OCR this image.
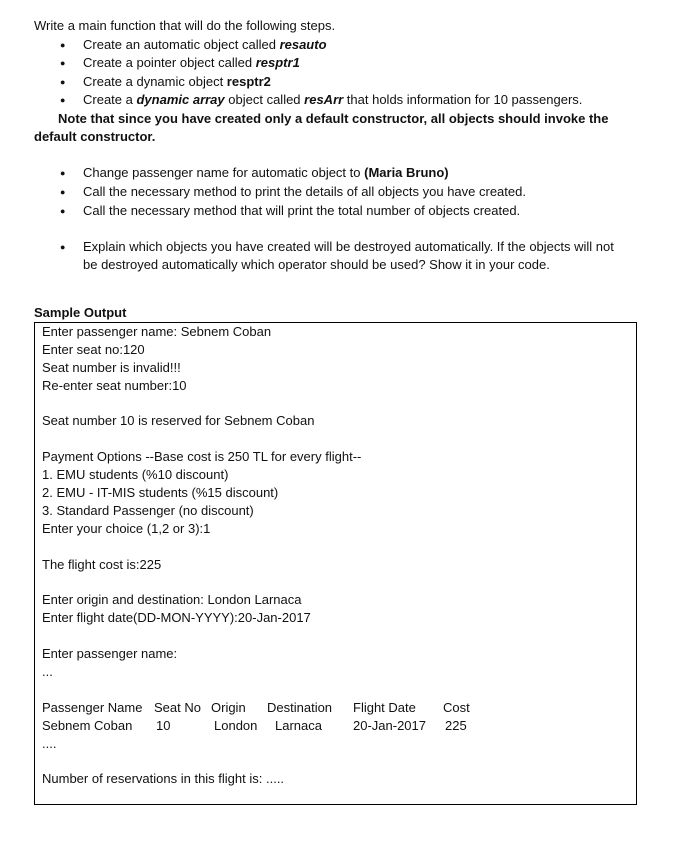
Write a main function that will do the following steps.
● Create an automatic object called resauto
● Create a pointer object called resptr1
● Create a dynamic object resptr2
● Create a dynamic array object called resArr that holds information for 10 passengers.
Note that since you have created only a default constructor, all objects should invoke the
default constructor.
● Change passenger name for automatic object to (Maria Bruno)
● Call the necessary method to print the details of all objects you have created.
● Call the necessary method that will print the total number of objects created.
● Explain which objects you have created will be destroyed automatically. If the objects will not
be destroyed automatically which operator should be used? Show it in your code.
Sample Output
Enter passenger name: Sebnem Coban
Enter seat no:120
Seat number is invalid!!!
Re-enter seat number:10
Seat number 10 is reserved for Sebnem Coban
Payment Options --Base cost is 250 TL for every flight--
1. EMU students (%10 discount)
2. EMU - IT-MIS students (%15 discount)
3. Standard Passenger (no discount)
Enter your choice (1,2 or 3):1
The flight cost is:225
Enter origin and destination: London Larnaca
Enter flight date(DD-MON-YYYY):20-Jan-2017
Enter passenger name:
...
Passenger Name Seat No Origin Destination Flight Date Cost
Sebnem Coban 10	London Larnaca 20-Jan-2017 225
....
Number of reservations in this flight is: .....
